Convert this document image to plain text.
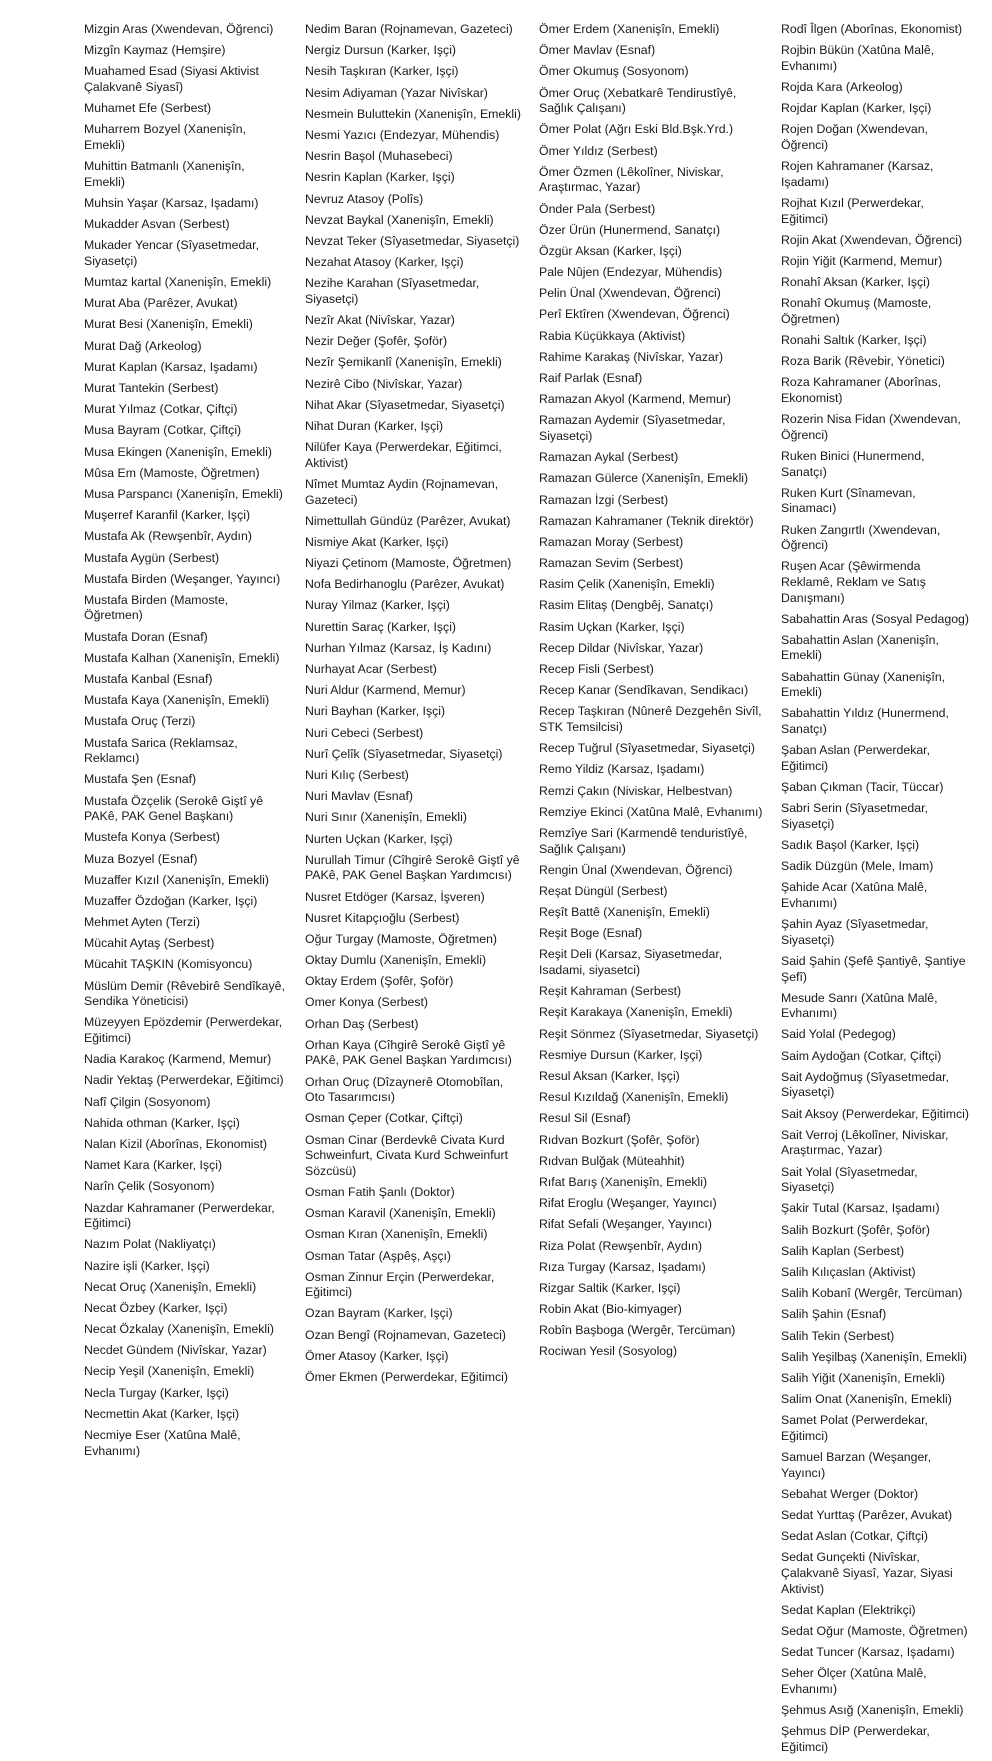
Mizgin Aras (Xwendevan, Öğrenci)

Mizgîn Kaymaz (Hemşire)

Muahamed Esad (Siyasi Aktivist Çalakvanê Siyasî)

Muhamet Efe (Serbest)

Muharrem Bozyel (Xanenişîn, Emekli)

Muhittin Batmanlı (Xanenişîn, Emekli)

Muhsin Yaşar (Karsaz, Işadamı)

Mukadder Asvan (Serbest)

Mukader Yencar (Sîyasetmedar, Siyasetçi)

Mumtaz kartal (Xanenişîn, Emekli)

Murat Aba (Parêzer, Avukat)

Murat Besi (Xanenişîn, Emekli)

Murat Dağ (Arkeolog)

Murat Kaplan (Karsaz, Işadamı)

Murat Tantekin (Serbest)

Murat Yılmaz (Cotkar, Çiftçi)

Musa Bayram (Cotkar, Çiftçi)

Musa Ekingen (Xanenişîn, Emekli)

Mûsa Em (Mamoste, Öğretmen)

Musa Parspancı (Xanenişîn, Emekli)

Muşerref Karanfil (Karker, Işçi)

Mustafa Ak (Rewşenbîr, Aydın)

Mustafa Aygün (Serbest)

Mustafa Birden (Weşanger, Yayıncı)

Mustafa Birden (Mamoste, Öğretmen)

Mustafa Doran (Esnaf)

Mustafa Kalhan (Xanenişîn, Emekli)

Mustafa Kanbal (Esnaf)

Mustafa Kaya (Xanenişîn, Emekli)

Mustafa Oruç (Terzi)

Mustafa Sarica (Reklamsaz, Reklamcı)

Mustafa Şen (Esnaf)

Mustafa Özçelik (Serokê Giştî yê PAKê, PAK Genel Başkanı)

Mustefa Konya (Serbest)

Muza Bozyel (Esnaf)

Muzaffer Kızıl (Xanenişîn, Emekli)

Muzaffer Özdoğan (Karker, Işçi)

Mehmet Ayten (Terzi)

Mücahit Aytaş (Serbest)

Mücahit TAŞKIN (Komisyoncu)

Müslüm Demir (Rêvebirê Sendîkayê, Sendika Yöneticisi)

Müzeyyen Epözdemir (Perwerdekar, Eğitimci)

Nadia Karakoç (Karmend, Memur)

Nadir Yektaş (Perwerdekar, Eğitimci)

Nafî Çilgin (Sosyonom)

Nahida othman (Karker, Işçi)

Nalan Kizil (Aborînas, Ekonomist)

Namet Kara (Karker, Işçi)

Narîn Çelik (Sosyonom)

Nazdar Kahramaner (Perwerdekar, Eğitimci)

Nazım Polat (Nakliyatçı)

Nazire işli (Karker, Işçi)

Necat Oruç (Xanenişîn, Emekli)

Necat Özbey (Karker, Işçi)

Necat Özkalay (Xanenişîn, Emekli)

Necdet Gündem (Nivîskar, Yazar)

Necip Yeşil (Xanenişîn, Emekli)

Necla Turgay (Karker, Işçi)

Necmettin Akat (Karker, Işçi)

Necmiye Eser (Xatûna Malê, Evhanımı)

Nedim Baran (Rojnamevan, Gazeteci)

Nergiz Dursun (Karker, Işçi)

Nesih Taşkıran (Karker, Işçi)

Nesim Adiyaman (Yazar Nivîskar)

Nesmein Buluttekin (Xanenişîn, Emekli)

Nesmi Yazıcı (Endezyar, Mühendis)

Nesrin Başol (Muhasebeci)

Nesrin Kaplan (Karker, Işçi)

Nevruz Atasoy (Polîs)

Nevzat Baykal (Xanenişîn, Emekli)

Nevzat Teker (Sîyasetmedar, Siyasetçi)

Nezahat Atasoy (Karker, Işçi)

Nezihe Karahan (Sîyasetmedar, Siyasetçi)

Nezîr Akat (Nivîskar, Yazar)

Nezir Değer (Şofêr, Şoför)

Nezîr Şemikanlî (Xanenişîn, Emekli)

Nezirê Cibo (Nivîskar, Yazar)

Nihat Akar (Sîyasetmedar, Siyasetçi)

Nihat Duran (Karker, Işçi)

Nilüfer Kaya (Perwerdekar, Eğitimci, Aktivist)

Nîmet Mumtaz Aydin (Rojnamevan, Gazeteci)

Nimettullah Gündüz (Parêzer, Avukat)

Nismiye Akat (Karker, Işçi)

Niyazi Çetinom (Mamoste, Öğretmen)

Nofa Bedirhanoglu (Parêzer, Avukat)

Nuray Yilmaz (Karker, Işçi)

Nurettin Saraç (Karker, Işçi)

Nurhan Yılmaz (Karsaz, İş Kadını)

Nurhayat Acar (Serbest)

Nuri Aldur (Karmend, Memur)

Nuri Bayhan (Karker, Işçi)

Nuri Cebeci (Serbest)

Nurî Çelîk (Sîyasetmedar, Siyasetçi)

Nuri Kılıç (Serbest)

Nuri Mavlav (Esnaf)

Nuri Sınır (Xanenişîn, Emekli)

Nurten Uçkan (Karker, Işçi)

Nurullah Timur (Cîhgirê Serokê Giştî yê PAKê, PAK Genel Başkan Yardımcısı)

Nusret Etdöger (Karsaz, İşveren)

Nusret Kitapçıoğlu (Serbest)

Oğur Turgay (Mamoste, Öğretmen)

Oktay Dumlu (Xanenişîn, Emekli)

Oktay Erdem (Şofêr, Şoför)

Omer Konya (Serbest)

Orhan Daş (Serbest)

Orhan Kaya (Cîhgirê Serokê Giştî yê PAKê, PAK Genel Başkan Yardımcısı)

Orhan Oruç (Dîzaynerê Otomobîlan, Oto Tasarımcısı)

Osman Çeper (Cotkar, Çiftçi)

Osman Cinar (Berdevkê Civata Kurd Schweinfurt, Civata Kurd Schweinfurt Sözcüsü)

Osman Fatih Şanlı (Doktor)

Osman Karavil (Xanenişîn, Emekli)

Osman Kıran (Xanenişîn, Emekli)

Osman Tatar (Aşpêş, Aşçı)

Osman Zinnur Erçin (Perwerdekar, Eğitimci)

Ozan Bayram (Karker, Işçi)

Ozan Bengî (Rojnamevan, Gazeteci)

Ömer Atasoy (Karker, Işçi)

Ömer Ekmen (Perwerdekar, Eğitimci)

Ömer Erdem (Xanenişîn, Emekli)

Ömer Mavlav (Esnaf)

Ömer Okumuş (Sosyonom)

Ömer Oruç (Xebatkarê Tendirustîyê, Sağlık Çalışanı)

Ömer Polat (Ağrı Eski Bld.Bşk.Yrd.)

Ömer Yıldız (Serbest)

Ömer Özmen (Lêkolîner, Niviskar, Araştırmac, Yazar)

Önder Pala (Serbest)

Özer Ürün (Hunermend, Sanatçı)

Özgür Aksan (Karker, Işçi)

Pale Nûjen (Endezyar, Mühendis)

Pelin Ünal (Xwendevan, Öğrenci)

Perî Ektîren (Xwendevan, Öğrenci)

Rabia Küçükkaya (Aktivist)

Rahime Karakaş (Nivîskar, Yazar)

Raif Parlak (Esnaf)

Ramazan Akyol (Karmend, Memur)

Ramazan Aydemir (Sîyasetmedar, Siyasetçi)

Ramazan Aykal (Serbest)

Ramazan Gülerce (Xanenişîn, Emekli)

Ramazan İzgi (Serbest)

Ramazan Kahramaner (Teknik direktör)

Ramazan Moray (Serbest)

Ramazan Sevim (Serbest)

Rasim Çelik (Xanenişîn, Emekli)

Rasim Elitaş (Dengbêj, Sanatçı)

Rasim Uçkan (Karker, Işçi)

Recep Dildar (Nivîskar, Yazar)

Recep Fisli (Serbest)

Recep Kanar (Sendîkavan, Sendikacı)

Recep Taşkıran (Nûnerê Dezgehên Sivîl, STK Temsilcisi)

Recep Tuğrul (Sîyasetmedar, Siyasetçi)

Remo Yildiz (Karsaz, Işadamı)

Remzi Çakın (Niviskar, Helbestvan)

Remziye Ekinci (Xatûna Malê, Evhanımı)

Remzîye Sari (Karmendê tenduristîyê, Sağlık Çalışanı)

Rengin Ünal (Xwendevan, Öğrenci)

Reşat Düngül (Serbest)

Reşît Battê (Xanenişîn, Emekli)

Reşit Boge (Esnaf)

Reşit Deli (Karsaz, Siyasetmedar, Isadami, siyasetci)

Reşit Kahraman (Serbest)

Reşit Karakaya (Xanenişîn, Emekli)

Reşit Sönmez (Sîyasetmedar, Siyasetçi)

Resmiye Dursun (Karker, Işçi)

Resul Aksan (Karker, Işçi)

Resul Kızıldağ (Xanenişîn, Emekli)

Resul Sil (Esnaf)

Rıdvan Bozkurt (Şofêr, Şoför)

Rıdvan Bulğak (Müteahhit)

Rıfat Barış (Xanenişîn, Emekli)

Rifat Eroglu (Weşanger, Yayıncı)

Rifat Sefali (Weşanger, Yayıncı)

Riza Polat (Rewşenbîr, Aydın)

Rıza Turgay (Karsaz, Işadamı)

Rizgar Saltik (Karker, Işçi)

Robin Akat (Bio-kimyager)

Robîn Başboga (Wergêr, Tercüman)

Rociwan Yesil (Sosyolog)

Rodî Îlgen (Aborînas, Ekonomist)

Rojbin Bükün (Xatûna Malê, Evhanımı)

Rojda Kara (Arkeolog)

Rojdar Kaplan (Karker, Işçi)

Rojen Doğan (Xwendevan, Öğrenci)

Rojen Kahramaner (Karsaz, Işadamı)

Rojhat Kızıl (Perwerdekar, Eğitimci)

Rojin Akat (Xwendevan, Öğrenci)

Rojin Yiğit (Karmend, Memur)

Ronahî Aksan (Karker, Işçi)

Ronahî Okumuş (Mamoste, Öğretmen)

Ronahi Saltık (Karker, Işçi)

Roza Barik (Rêvebir, Yönetici)

Roza Kahramaner (Aborînas, Ekonomist)

Rozerin Nisa Fidan (Xwendevan, Öğrenci)

Ruken Binici (Hunermend, Sanatçı)

Ruken Kurt (Sînamevan, Sinamacı)

Ruken Zangırtlı (Xwendevan, Öğrenci)

Ruşen Acar (Şêwirmenda Reklamê, Reklam ve Satış Danışmanı)

Sabahattin Aras (Sosyal Pedagog)

Sabahattin Aslan (Xanenişîn, Emekli)

Sabahattin Günay (Xanenişîn, Emekli)

Sabahattin Yıldız (Hunermend, Sanatçı)

Şaban Aslan (Perwerdekar, Eğitimci)

Şaban Çıkman (Tacir, Tüccar)

Sabri Serin (Sîyasetmedar, Siyasetçi)

Sadık Başol (Karker, Işçi)

Sadik Düzgün (Mele, Imam)

Şahide Acar (Xatûna Malê, Evhanımı)

Şahin Ayaz (Sîyasetmedar, Siyasetçi)

Said Şahin (Şefê Şantiyê, Şantiye Şefî)

Mesude Sanrı (Xatûna Malê, Evhanımı)

Said Yolal (Pedegog)

Saim Aydoğan (Cotkar, Çiftçi)

Sait Aydoğmuş (Sîyasetmedar, Siyasetçi)

Sait Aksoy (Perwerdekar, Eğitimci)

Sait Verroj (Lêkolîner, Niviskar, Araştırmac, Yazar)

Sait Yolal (Sîyasetmedar, Siyasetçi)

Şakir Tutal (Karsaz, Işadamı)

Salih Bozkurt (Şofêr, Şoför)

Salih Kaplan (Serbest)

Salih Kılıçaslan (Aktivist)

Salih Kobanî (Wergêr, Tercüman)

Salih Şahin (Esnaf)

Salih Tekin (Serbest)

Salih Yeşilbaş (Xanenişîn, Emekli)

Salih Yiğit (Xanenişîn, Emekli)

Salim Onat (Xanenişîn, Emekli)

Samet Polat (Perwerdekar, Eğitimci)

Samuel Barzan (Weşanger, Yayıncı)

Sebahat Werger (Doktor)

Sedat Yurttaş (Parêzer, Avukat)

Sedat Aslan (Cotkar, Çiftçi)

Sedat Gunçekti (Nivîskar, Çalakvanê Siyasî, Yazar, Siyasi Aktivist)

Sedat Kaplan (Elektrikçi)

Sedat Oğur (Mamoste, Öğretmen)

Sedat Tuncer (Karsaz, Işadamı)

Seher Ölçer (Xatûna Malê, Evhanımı)

Şehmus Asığ (Xanenişîn, Emekli)

Şehmus DİP (Perwerdekar, Eğitimci)
